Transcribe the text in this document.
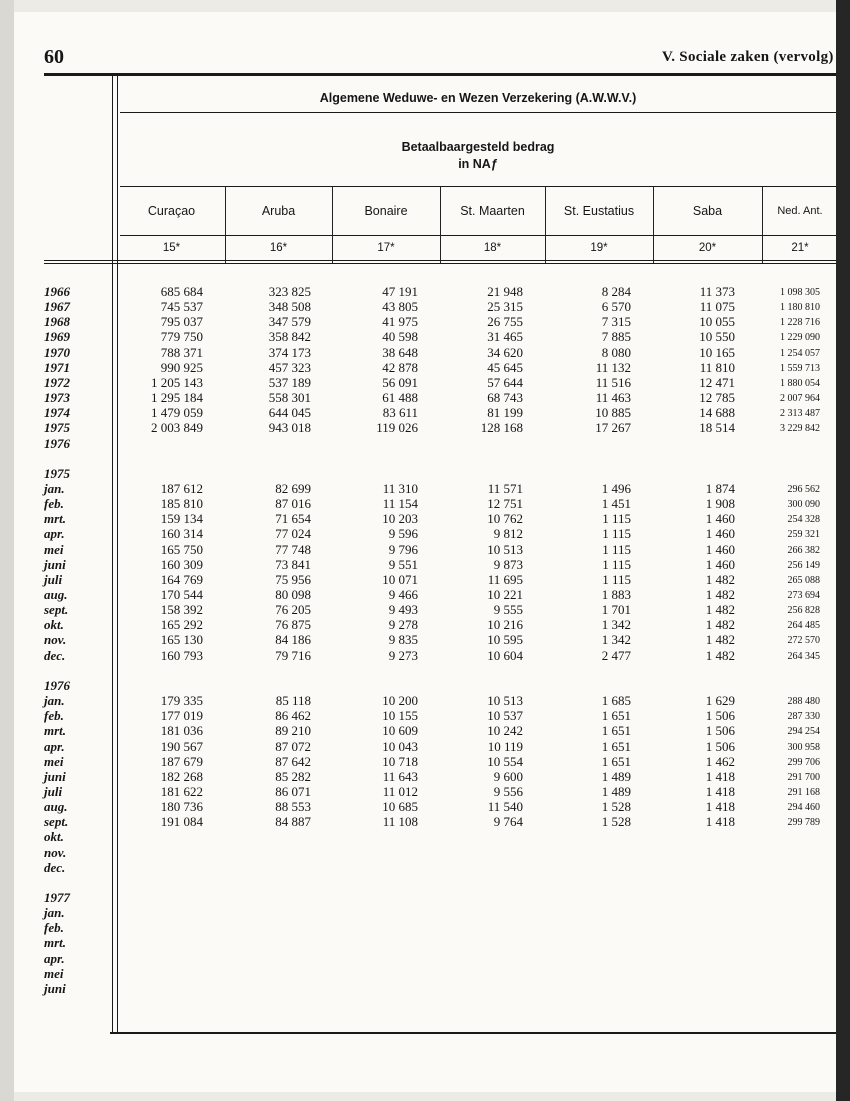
60	V. Sociale zaken (vervolg)
Algemene Weduwe- en Wezen Verzekering (A.W.W.V.)
Betaalbaargesteld bedrag
in NAƒ
Curaçao	Aruba	Bonaire	St. Maarten	St. Eustatius	Saba	Ned. Ant.
15*	16*	17*	18*	19*	20*	21*
1966	685 684	323 825	47 191	21 948	8 284	11 373	1 098 305
1967	745 537	348 508	43 805	25 315	6 570	11 075	1 180 810
1968	795 037	347 579	41 975	26 755	7 315	10 055	1 228 716
1969	779 750	358 842	40 598	31 465	7 885	10 550	1 229 090
1970	788 371	374 173	38 648	34 620	8 080	10 165	1 254 057
1971	990 925	457 323	42 878	45 645	11 132	11 810	1 559 713
1972	1 205 143	537 189	56 091	57 644	11 516	12 471	1 880 054
1973	1 295 184	558 301	61 488	68 743	11 463	12 785	2 007 964
1974	1 479 059	644 045	83 611	81 199	10 885	14 688	2 313 487
1975	2 003 849	943 018	119 026	128 168	17 267	18 514	3 229 842
1976
1975
jan.	187 612	82 699	11 310	11 571	1 496	1 874	296 562
feb.	185 810	87 016	11 154	12 751	1 451	1 908	300 090
mrt.	159 134	71 654	10 203	10 762	1 115	1 460	254 328
apr.	160 314	77 024	9 596	9 812	1 115	1 460	259 321
mei	165 750	77 748	9 796	10 513	1 115	1 460	266 382
juni	160 309	73 841	9 551	9 873	1 115	1 460	256 149
juli	164 769	75 956	10 071	11 695	1 115	1 482	265 088
aug.	170 544	80 098	9 466	10 221	1 883	1 482	273 694
sept.	158 392	76 205	9 493	9 555	1 701	1 482	256 828
okt.	165 292	76 875	9 278	10 216	1 342	1 482	264 485
nov.	165 130	84 186	9 835	10 595	1 342	1 482	272 570
dec.	160 793	79 716	9 273	10 604	2 477	1 482	264 345
1976
jan.	179 335	85 118	10 200	10 513	1 685	1 629	288 480
feb.	177 019	86 462	10 155	10 537	1 651	1 506	287 330
mrt.	181 036	89 210	10 609	10 242	1 651	1 506	294 254
apr.	190 567	87 072	10 043	10 119	1 651	1 506	300 958
mei	187 679	87 642	10 718	10 554	1 651	1 462	299 706
juni	182 268	85 282	11 643	9 600	1 489	1 418	291 700
juli	181 622	86 071	11 012	9 556	1 489	1 418	291 168
aug.	180 736	88 553	10 685	11 540	1 528	1 418	294 460
sept.	191 084	84 887	11 108	9 764	1 528	1 418	299 789
okt.
nov.
dec.
1977
jan.
feb.
mrt.
apr.
mei
juni
